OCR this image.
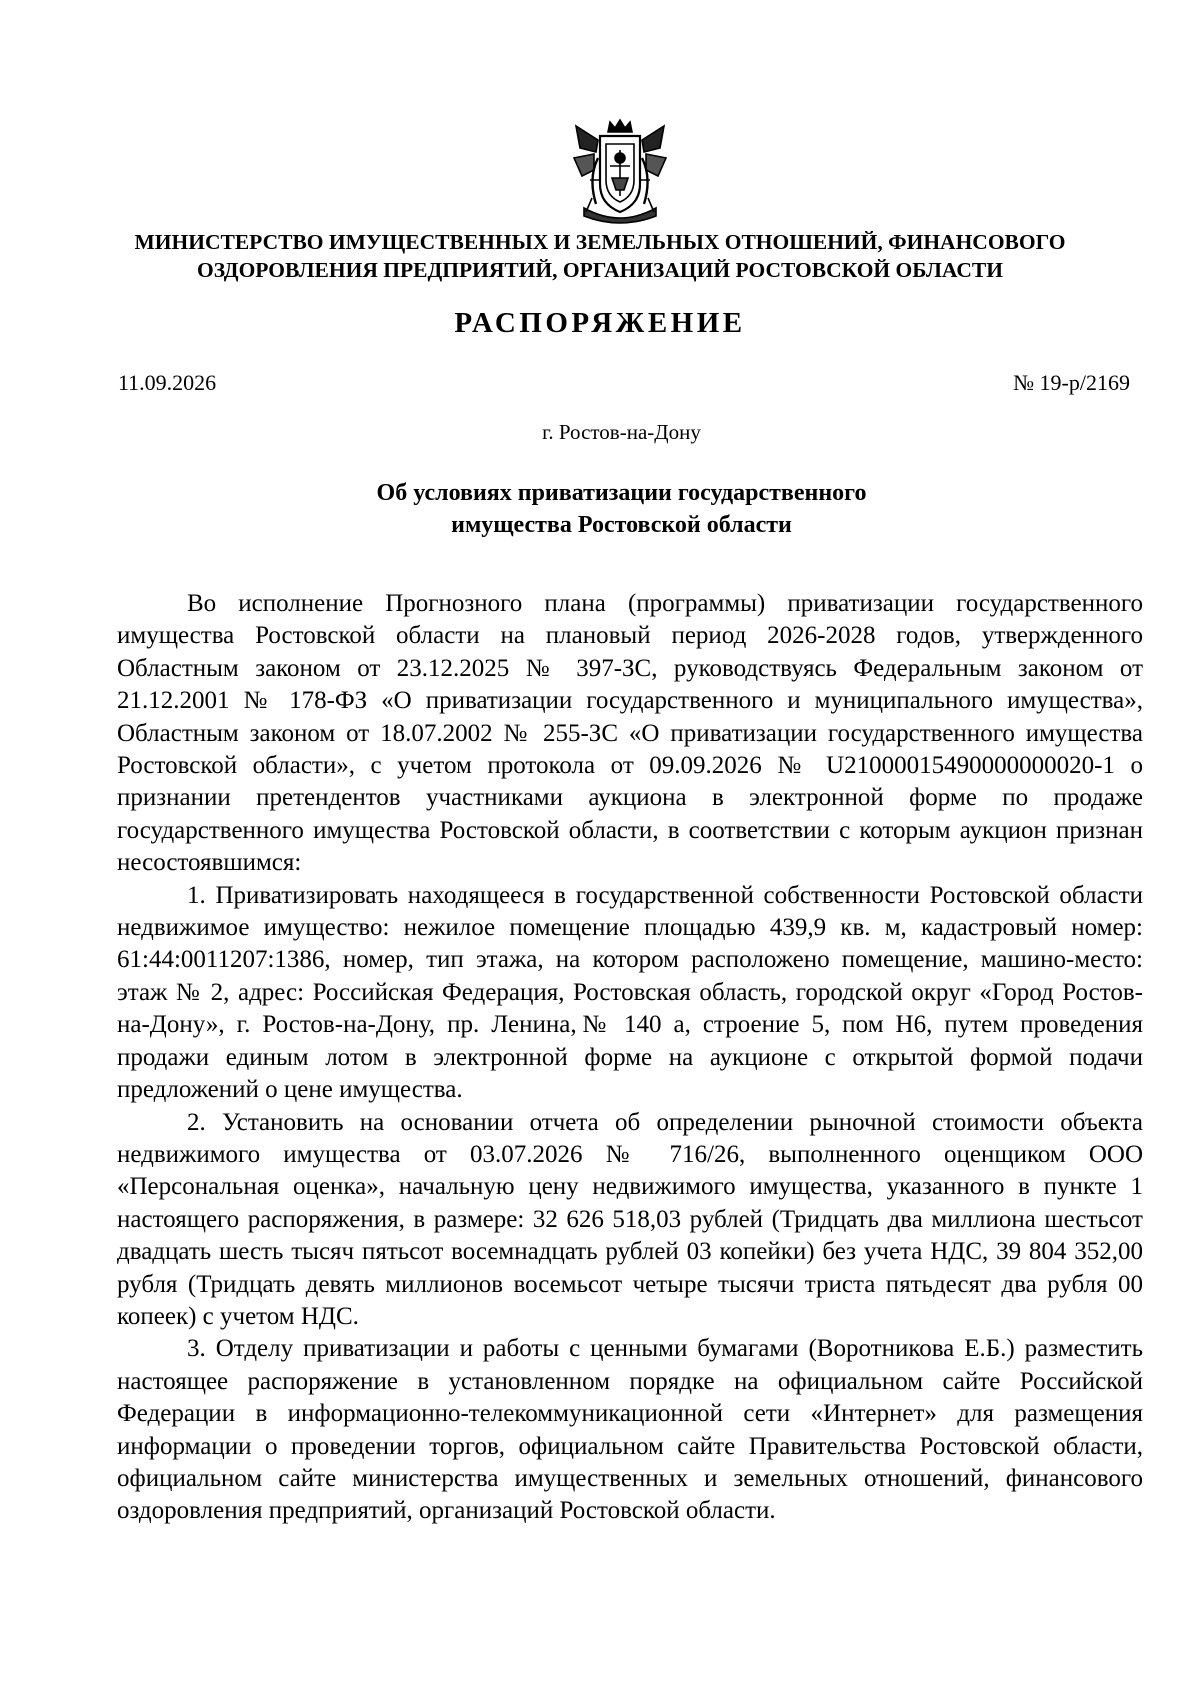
МИНИСТЕРСТВО ИМУЩЕСТВЕННЫХ И ЗЕМЕЛЬНЫХ ОТНОШЕНИЙ, ФИНАНСОВОГО
ОЗДОРОВЛЕНИЯ ПРЕДПРИЯТИЙ, ОРГАНИЗАЦИЙ РОСТОВСКОЙ ОБЛАСТИ
РАСПОРЯЖЕНИЕ
11.09.2026	№ 19-р/2169
г. Ростов-на-Дону
Об условиях приватизации государственного
имущества Ростовской области

Во исполнение Прогнозного плана (программы) приватизации государственного имущества Ростовской области на плановый период 2026-2028 годов, утвержденного Областным законом от 23.12.2025 № 397-ЗС, руководствуясь Федеральным законом от 21.12.2001 № 178-ФЗ «О приватизации государственного и муниципального имущества», Областным законом от 18.07.2002 № 255-ЗС «О приватизации государственного имущества Ростовской области», с учетом протокола от 09.09.2026 № U21000015490000000020-1 о признании претендентов участниками аукциона в электронной форме по продаже государственного имущества Ростовской области, в соответствии с которым аукцион признан несостоявшимся:

1. Приватизировать находящееся в государственной собственности Ростовской области недвижимое имущество: нежилое помещение площадью 439,9 кв. м, кадастровый номер: 61:44:0011207:1386, номер, тип этажа, на котором расположено помещение, машино-место: этаж № 2, адрес: Российская Федерация, Ростовская область, городской округ «Город Ростов-на-Дону», г. Ростов-на-Дону, пр. Ленина,№ 140 а, строение 5, пом Н6, путем проведения продажи единым лотом в электронной форме на аукционе с открытой формой подачи предложений о цене имущества.

2. Установить на основании отчета об определении рыночной стоимости объекта недвижимого имущества от 03.07.2026 № 716/26, выполненного оценщиком ООО «Персональная оценка», начальную цену недвижимого имущества, указанного в пункте 1 настоящего распоряжения, в размере: 32 626 518,03 рублей (Тридцать два миллиона шестьсот двадцать шесть тысяч пятьсот восемнадцать рублей 03 копейки) без учета НДС, 39 804 352,00 рубля (Тридцать девять миллионов восемьсот четыре тысячи триста пятьдесят два рубля 00 копеек) с учетом НДС.

3. Отделу приватизации и работы с ценными бумагами (Воротникова Е.Б.) разместить настоящее распоряжение в установленном порядке на официальном сайте Российской Федерации в информационно-телекоммуникационной сети «Интернет» для размещения информации о проведении торгов, официальном сайте Правительства Ростовской области, официальном сайте министерства имущественных и земельных отношений, финансового оздоровления предприятий, организаций Ростовской области.
